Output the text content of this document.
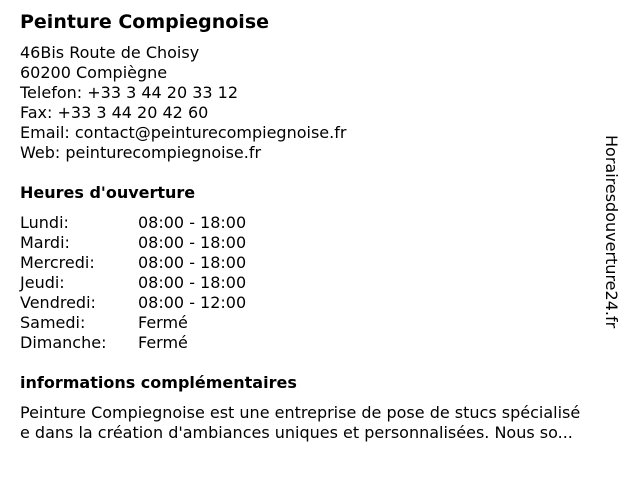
Peinture Compiegnoise
46Bis Route de Choisy
60200 Compiègne
Telefon: +33 3 44 20 33 12
Fax: +33 3 44 20 42 60
Email: contact@peinturecompiegnoise.fr
Web: peinturecompiegnoise.fr
Heures d'ouverture
Lundi:	08:00 - 18:00
Mardi:	08:00 - 18:00
Mercredi:	08:00 - 18:00
Jeudi:	08:00 - 18:00
Vendredi:	08:00 - 12:00
Samedi:	Fermé
Dimanche: Fermé
informations complémentaires
Peinture Compiegnoise est une entreprise de pose de stucs spécialisé
e dans la création d'ambiances uniques et personnalisées. Nous so...
Horairesdouverture24.fr
